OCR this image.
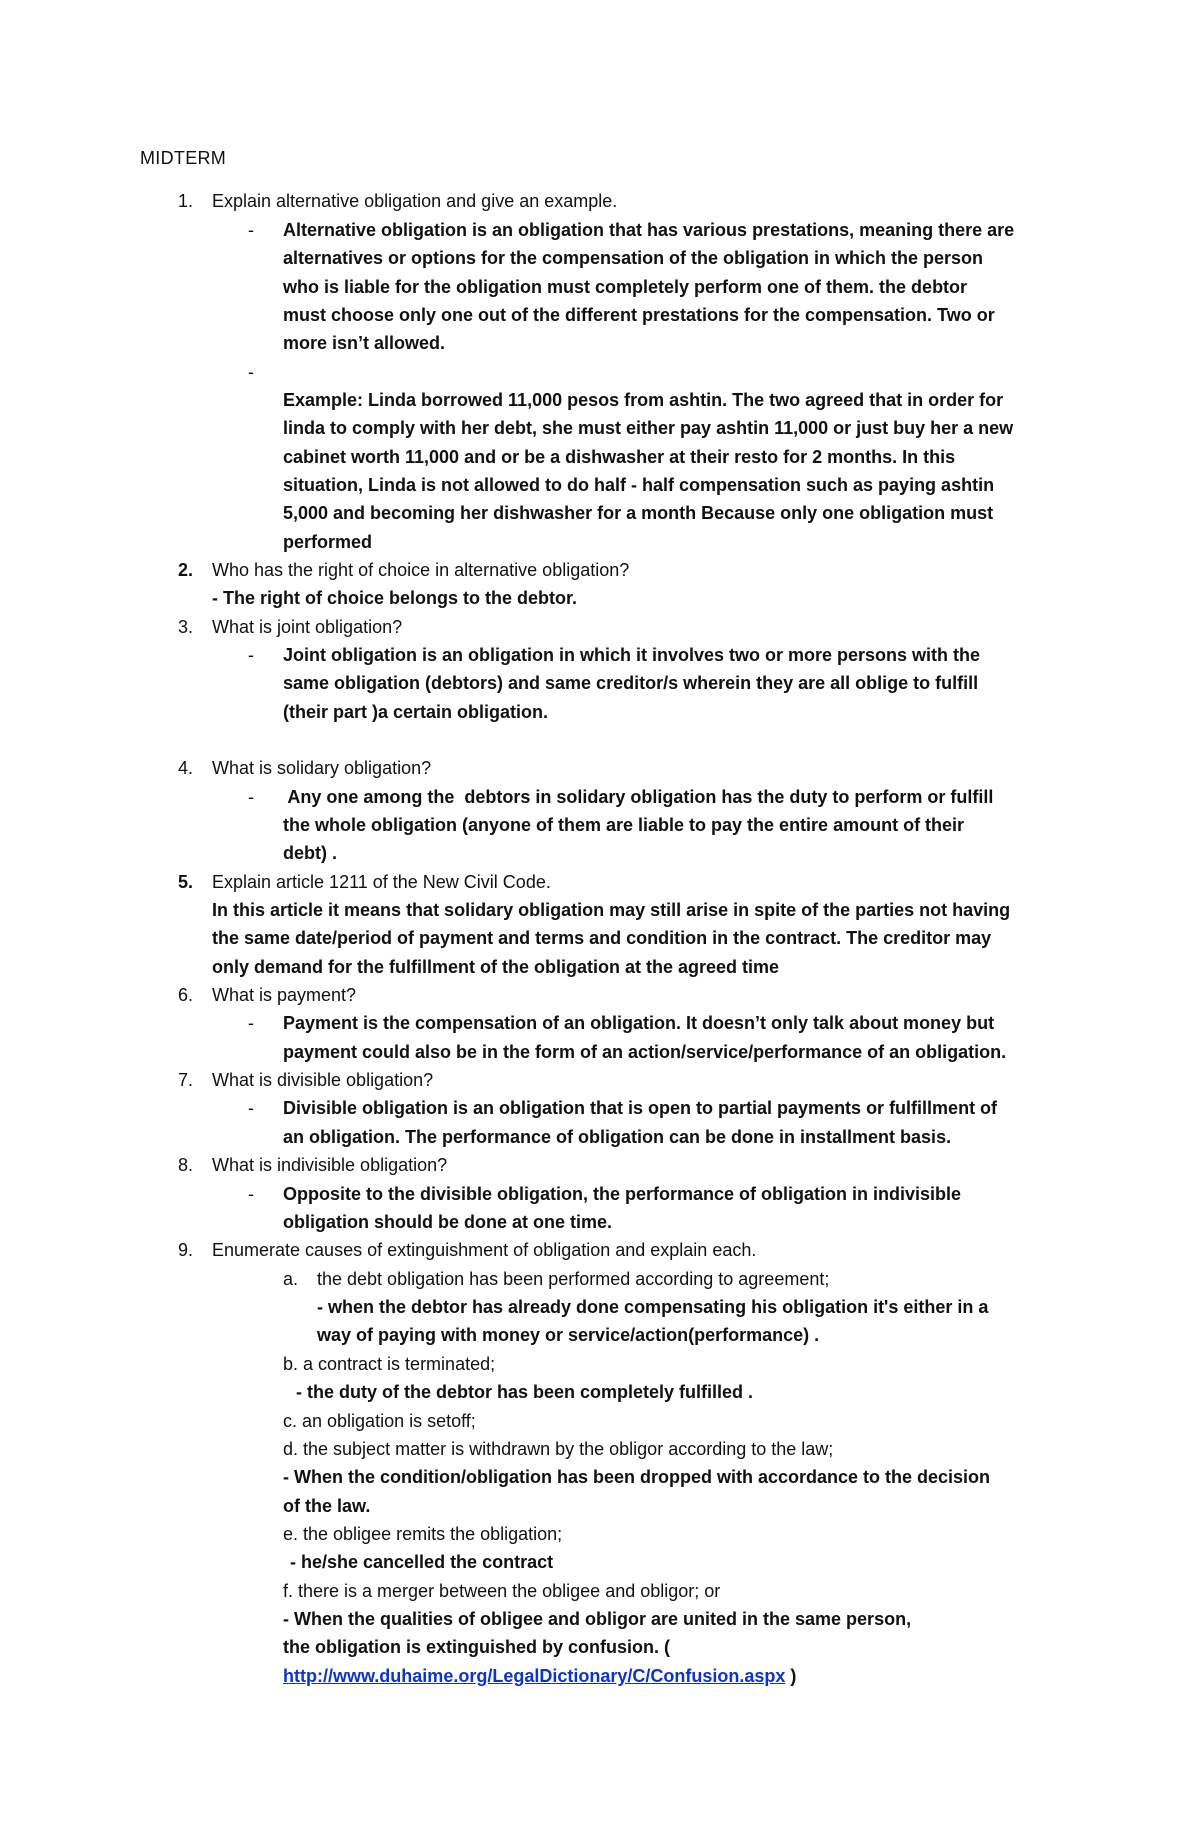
MIDTERM
1. Explain alternative obligation and give an example.
- Alternative obligation is an obligation that has various prestations, meaning there are
alternatives or options for the compensation of the obligation in which the person
who is liable for the obligation must completely perform one of them. the debtor
must choose only one out of the different prestations for the compensation. Two or
more isn’t allowed.
-
Example: Linda borrowed 11,000 pesos from ashtin. The two agreed that in order for
linda to comply with her debt, she must either pay ashtin 11,000 or just buy her a new
cabinet worth 11,000 and or be a dishwasher at their resto for 2 months. In this
situation, Linda is not allowed to do half - half compensation such as paying ashtin
5,000 and becoming her dishwasher for a month Because only one obligation must
performed
2. Who has the right of choice in alternative obligation?
- The right of choice belongs to the debtor.
3. What is joint obligation?
- Joint obligation is an obligation in which it involves two or more persons with the
same obligation (debtors) and same creditor/s wherein they are all oblige to fulfill
(their part )a certain obligation.
4. What is solidary obligation?
- Any one among the  debtors in solidary obligation has the duty to perform or fulfill
the whole obligation (anyone of them are liable to pay the entire amount of their
debt) .
5. Explain article 1211 of the New Civil Code.
In this article it means that solidary obligation may still arise in spite of the parties not having
the same date/period of payment and terms and condition in the contract. The creditor may
only demand for the fulfillment of the obligation at the agreed time
6. What is payment?
- Payment is the compensation of an obligation. It doesn’t only talk about money but
payment could also be in the form of an action/service/performance of an obligation.
7. What is divisible obligation?
- Divisible obligation is an obligation that is open to partial payments or fulfillment of
an obligation. The performance of obligation can be done in installment basis.
8. What is indivisible obligation?
- Opposite to the divisible obligation, the performance of obligation in indivisible
obligation should be done at one time.
9. Enumerate causes of extinguishment of obligation and explain each.
a. the debt obligation has been performed according to agreement;
- when the debtor has already done compensating his obligation it's either in a
way of paying with money or service/action(performance) .
b. a contract is terminated;
- the duty of the debtor has been completely fulfilled .
c. an obligation is setoff;
d. the subject matter is withdrawn by the obligor according to the law;
- When the condition/obligation has been dropped with accordance to the decision
of the law.
e. the obligee remits the obligation;
- he/she cancelled the contract
f. there is a merger between the obligee and obligor; or
- When the qualities of obligee and obligor are united in the same person,
the obligation is extinguished by confusion. (
http://www.duhaime.org/LegalDictionary/C/Confusion.aspx )
